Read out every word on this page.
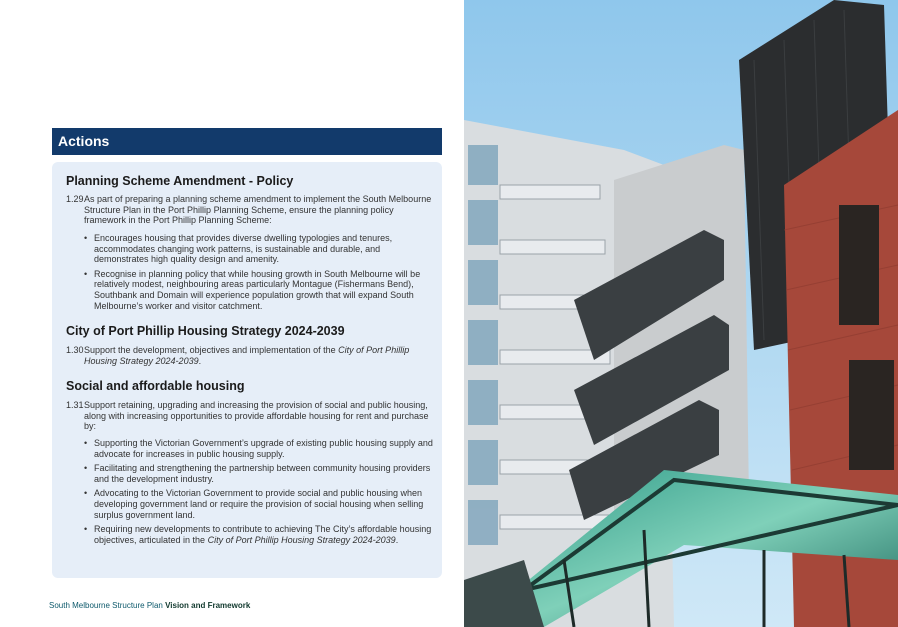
Actions
Planning Scheme Amendment - Policy
1.29 As part of preparing a planning scheme amendment to implement the South Melbourne Structure Plan in the Port Phillip Planning Scheme, ensure the planning policy framework in the Port Phillip Planning Scheme:
• Encourages housing that provides diverse dwelling typologies and tenures, accommodates changing work patterns, is sustainable and durable, and demonstrates high quality design and amenity.
• Recognise in planning policy that while housing growth in South Melbourne will be relatively modest, neighbouring areas particularly Montague (Fishermans Bend), Southbank and Domain will experience population growth that will expand South Melbourne’s worker and visitor catchment.
City of Port Phillip Housing Strategy 2024-2039
1.30 Support the development, objectives and implementation of the City of Port Phillip Housing Strategy 2024-2039.
Social and affordable housing
1.31 Support retaining, upgrading and increasing the provision of social and public housing, along with increasing opportunities to provide affordable housing for rent and purchase by:
• Supporting the Victorian Government’s upgrade of existing public housing supply and advocate for increases in public housing supply.
• Facilitating and strengthening the partnership between community housing providers and the development industry.
• Advocating to the Victorian Government to provide social and public housing when developing government land or require the provision of social housing when selling surplus government land.
• Requiring new developments to contribute to achieving The City’s affordable housing objectives, articulated in the City of Port Phillip Housing Strategy 2024-2039.
South Melbourne Structure Plan Vision and Framework
